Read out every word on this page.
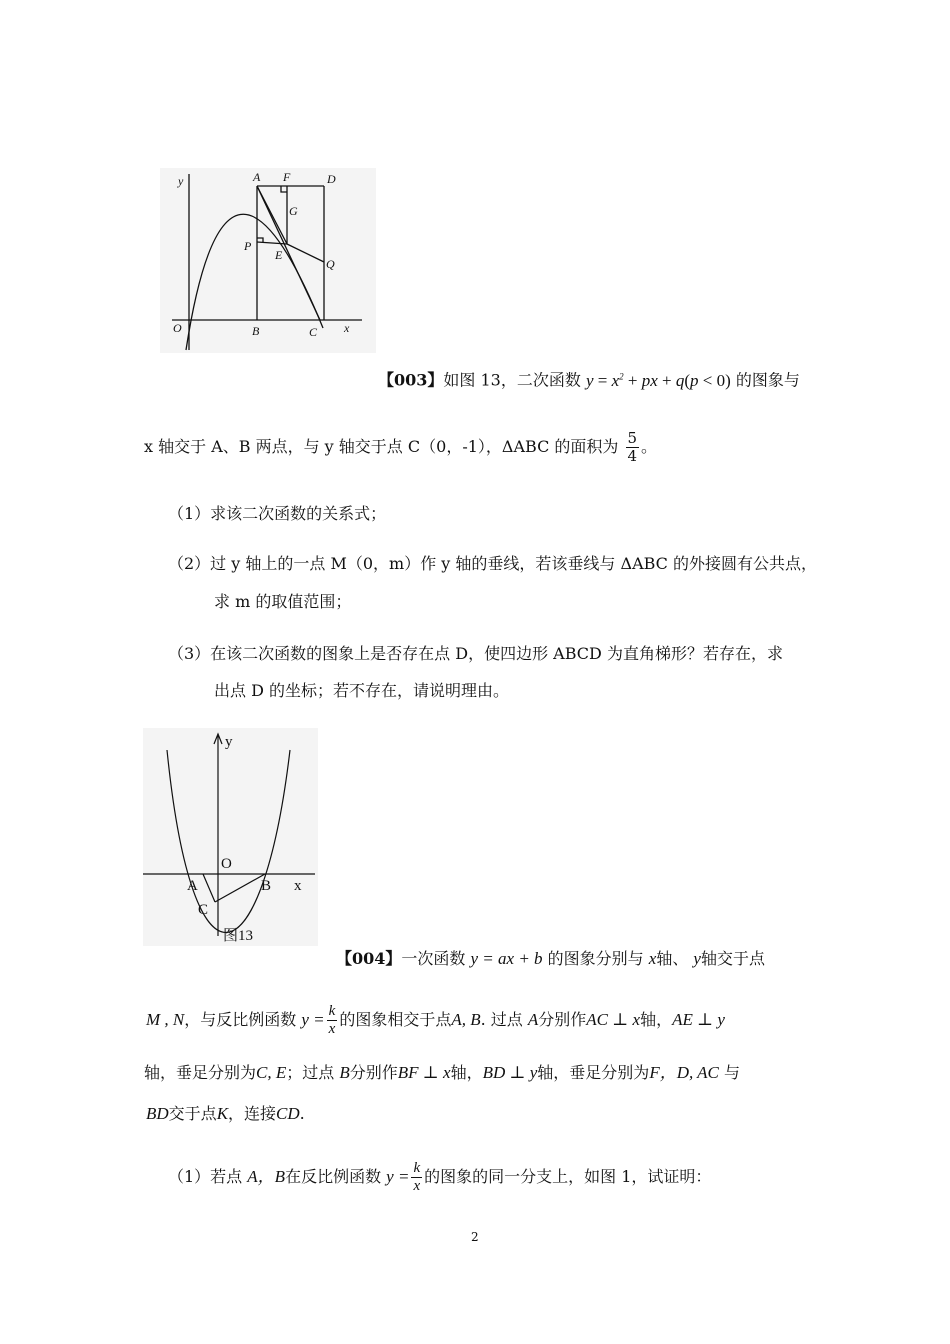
y	A F	D
G
P
E
Q
O	B	C x
【003】如图 13，二次函数 $y = x^2$ + px + q(p < 0) 的图象与
x 轴交于 A、B 两点，与 y 轴交于点 C（0，-1），ΔABC 的面积为 $\frac{5}{4}$ 。
（1）求该二次函数的关系式；
（2）过 y 轴上的一点 M（0，m）作 y 轴的垂线，若该垂线与 ΔABC 的外接圆有公共点，
求 m 的取值范围；
（3）在该二次函数的图象上是否存在点 D，使四边形 ABCD 为直角梯形？若存在，求
出点 D 的坐标；若不存在，请说明理由。
y
O
A	B x
C
图13
【004】一次函数 y = ax + b 的图象分别与 x轴、 y轴交于点
M , N，与反比例函数 $y = \frac{k}{x}$ 的图象相交于点A, B. 过点 A分别作AC ⊥ x轴，AE ⊥ y
轴，垂足分别为C, E；过点 B分别作BF ⊥ x轴，BD ⊥ y轴，垂足分别为F，D, AC 与
BD交于点K，连接CD.
（1）若点 A，B在反比例函数 $y = \frac{k}{x}$ 的图象的同一分支上，如图 1，试证明：
2
